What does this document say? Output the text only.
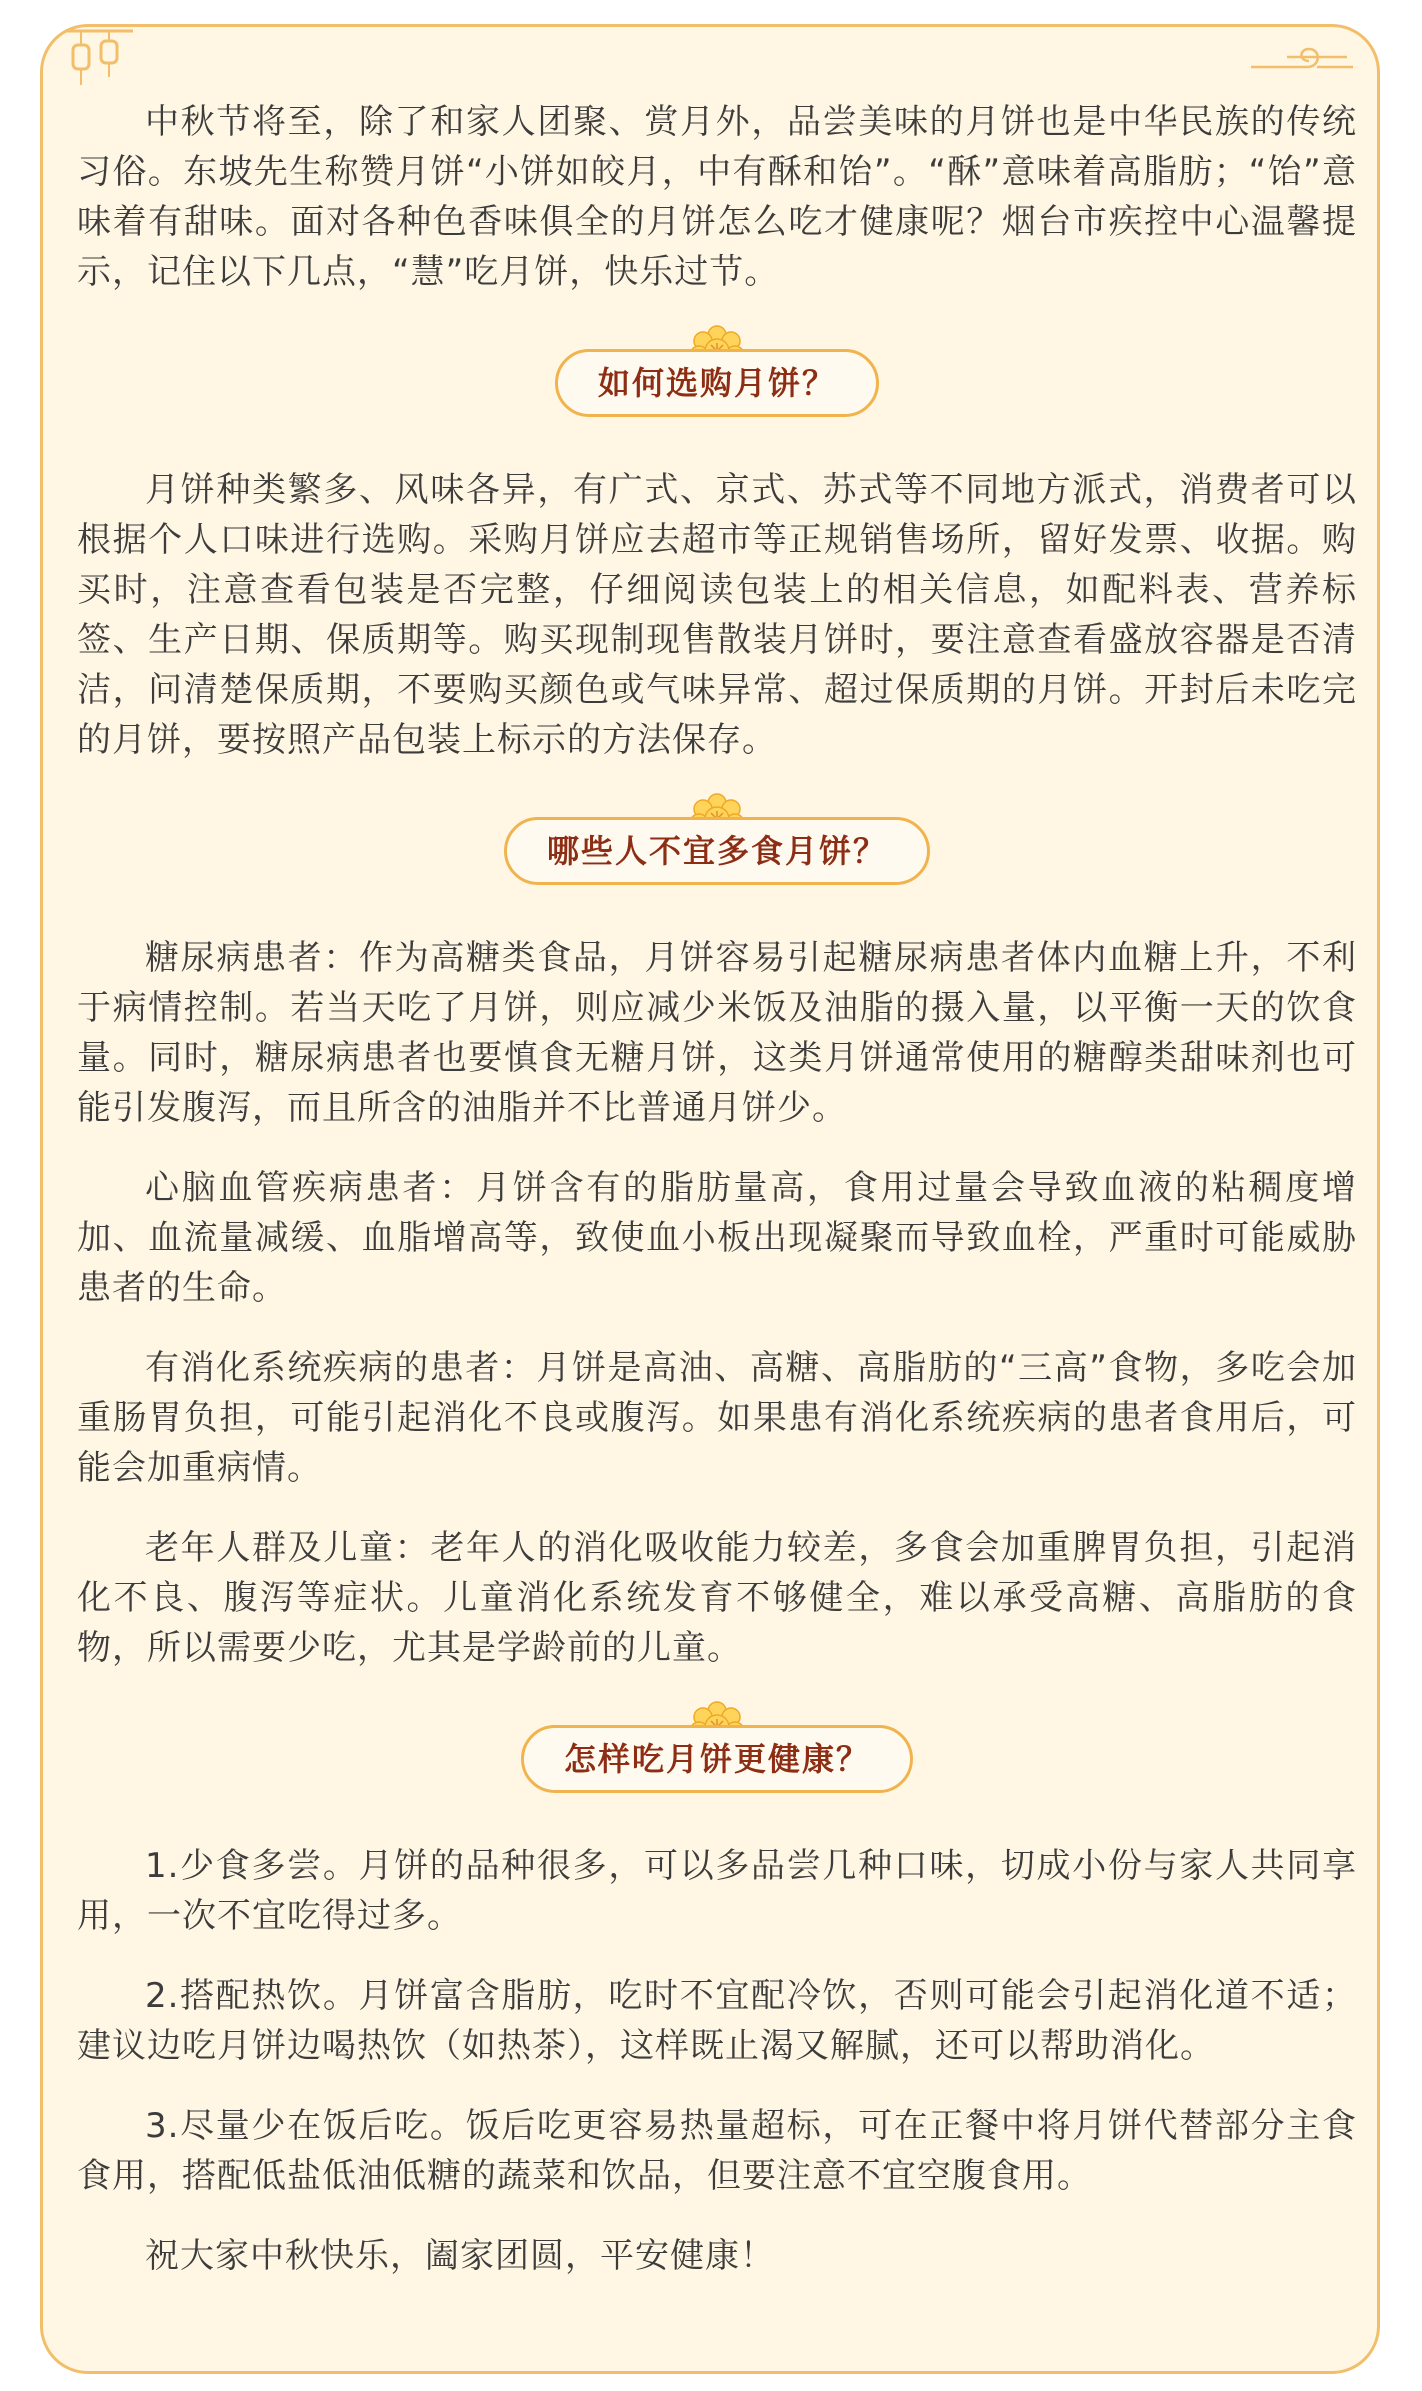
中秋节将至，除了和家人团聚、赏月外，品尝美味的月饼也是中华民族的传统习俗。东坡先生称赞月饼“小饼如皎月，中有酥和饴”。“酥”意味着高脂肪；“饴”意味着有甜味。面对各种色香味俱全的月饼怎么吃才健康呢？烟台市疾控中心温馨提示，记住以下几点，“慧”吃月饼，快乐过节。

如何选购月饼？

月饼种类繁多、风味各异，有广式、京式、苏式等不同地方派式，消费者可以根据个人口味进行选购。采购月饼应去超市等正规销售场所，留好发票、收据。购买时，注意查看包装是否完整，仔细阅读包装上的相关信息，如配料表、营养标签、生产日期、保质期等。购买现制现售散装月饼时，要注意查看盛放容器是否清洁，问清楚保质期，不要购买颜色或气味异常、超过保质期的月饼。开封后未吃完的月饼，要按照产品包装上标示的方法保存。

哪些人不宜多食月饼？

糖尿病患者：作为高糖类食品，月饼容易引起糖尿病患者体内血糖上升，不利于病情控制。若当天吃了月饼，则应减少米饭及油脂的摄入量，以平衡一天的饮食量。同时，糖尿病患者也要慎食无糖月饼，这类月饼通常使用的糖醇类甜味剂也可能引发腹泻，而且所含的油脂并不比普通月饼少。

心脑血管疾病患者：月饼含有的脂肪量高，食用过量会导致血液的粘稠度增加、血流量减缓、血脂增高等，致使血小板出现凝聚而导致血栓，严重时可能威胁患者的生命。

有消化系统疾病的患者：月饼是高油、高糖、高脂肪的“三高”食物，多吃会加重肠胃负担，可能引起消化不良或腹泻。如果患有消化系统疾病的患者食用后，可能会加重病情。

老年人群及儿童：老年人的消化吸收能力较差，多食会加重脾胃负担，引起消化不良、腹泻等症状。儿童消化系统发育不够健全，难以承受高糖、高脂肪的食物，所以需要少吃，尤其是学龄前的儿童。

怎样吃月饼更健康？

1.少食多尝。月饼的品种很多，可以多品尝几种口味，切成小份与家人共同享用，一次不宜吃得过多。

2.搭配热饮。月饼富含脂肪，吃时不宜配冷饮，否则可能会引起消化道不适；建议边吃月饼边喝热饮（如热茶），这样既止渴又解腻，还可以帮助消化。

3.尽量少在饭后吃。饭后吃更容易热量超标，可在正餐中将月饼代替部分主食食用，搭配低盐低油低糖的蔬菜和饮品，但要注意不宜空腹食用。

祝大家中秋快乐，阖家团圆，平安健康！
